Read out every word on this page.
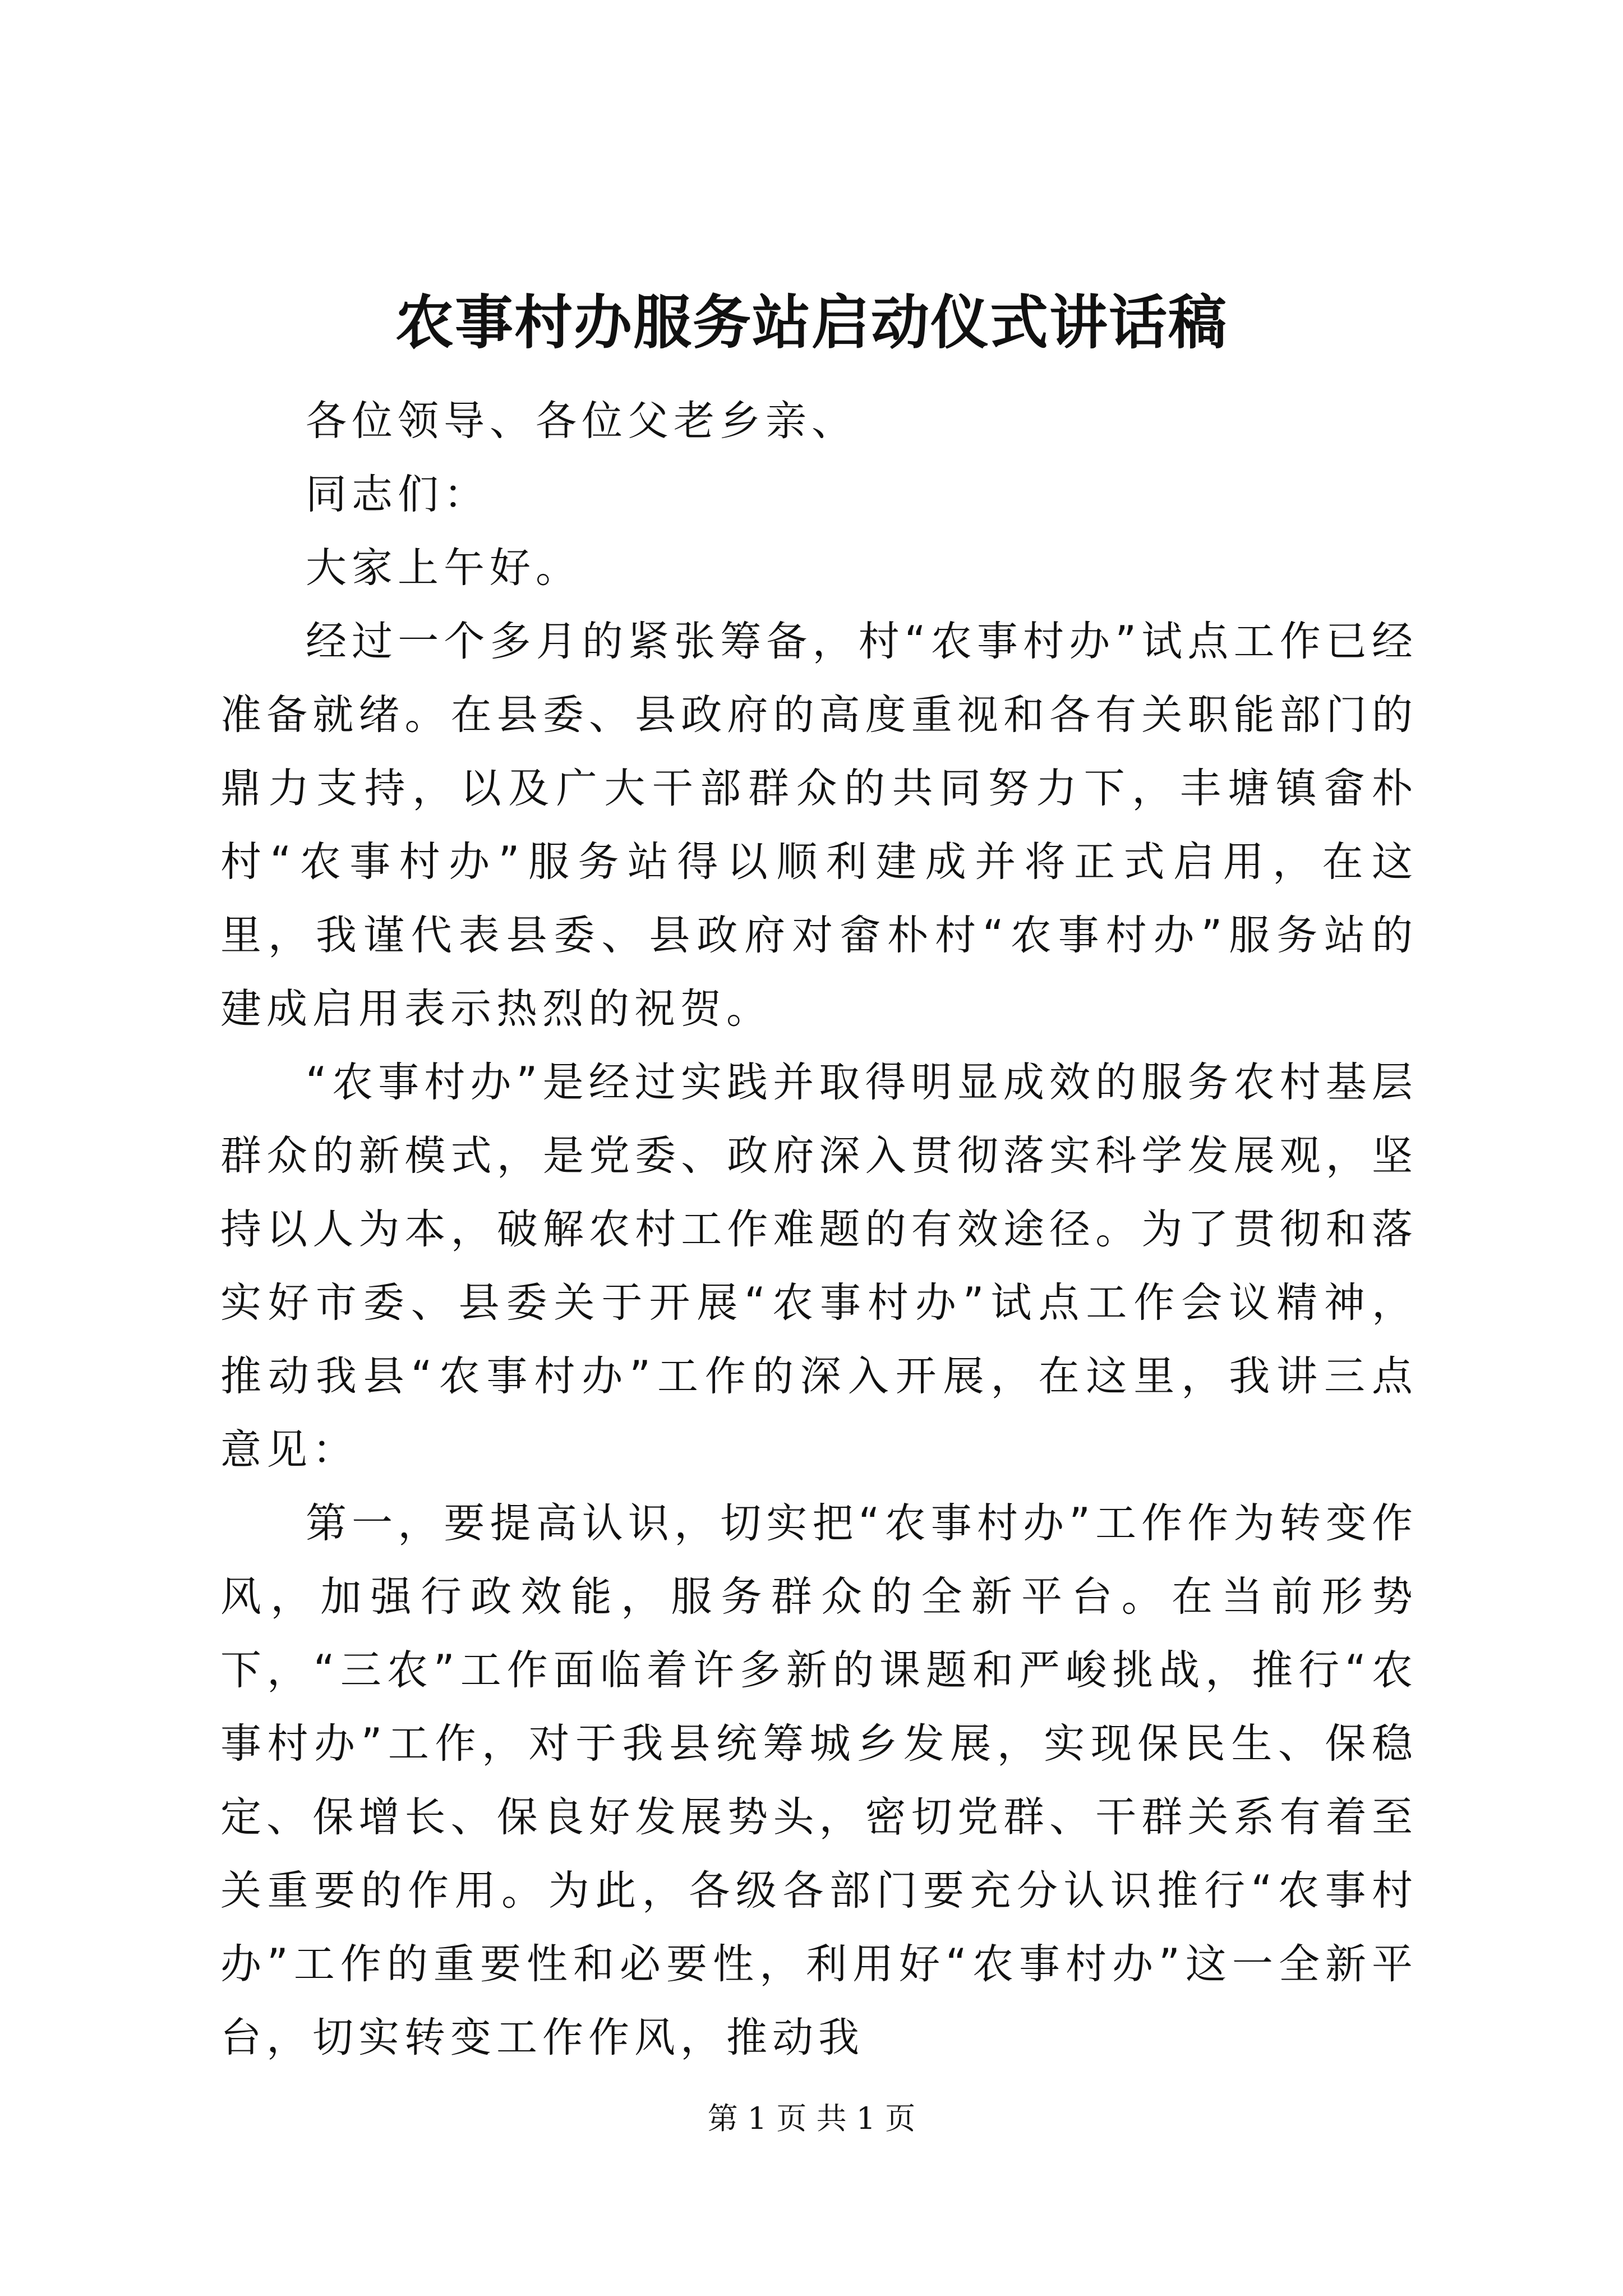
农事村办服务站启动仪式讲话稿

各位领导、各位父老乡亲、

同志们：

大家上午好。

经过一个多月的紧张筹备，村“农事村办”试点工作已经准备就绪。在县委、县政府的高度重视和各有关职能部门的鼎力支持，以及广大干部群众的共同努力下，丰塘镇畲朴村“农事村办”服务站得以顺利建成并将正式启用，在这里，我谨代表县委、县政府对畲朴村“农事村办”服务站的建成启用表示热烈的祝贺。

“农事村办”是经过实践并取得明显成效的服务农村基层群众的新模式，是党委、政府深入贯彻落实科学发展观，坚持以人为本，破解农村工作难题的有效途径。为了贯彻和落实好市委、县委关于开展“农事村办”试点工作会议精神，推动我县“农事村办”工作的深入开展，在这里，我讲三点意见：

第一，要提高认识，切实把“农事村办”工作作为转变作风，加强行政效能，服务群众的全新平台。在当前形势下，“三农”工作面临着许多新的课题和严峻挑战，推行“农事村办”工作，对于我县统筹城乡发展，实现保民生、保稳定、保增长、保良好发展势头，密切党群、干群关系有着至关重要的作用。为此，各级各部门要充分认识推行“农事村办”工作的重要性和必要性，利用好“农事村办”这一全新平台，切实转变工作作风，推动我

第 1 页 共 1 页
